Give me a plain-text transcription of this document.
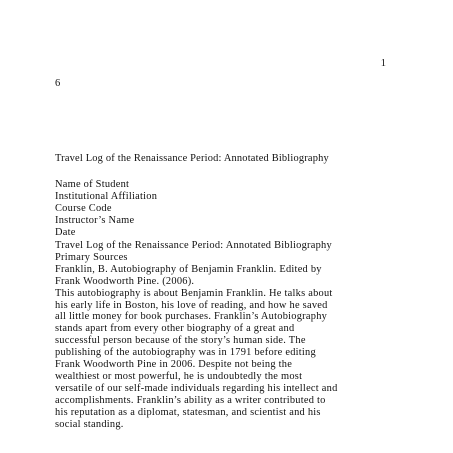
1
6
Travel Log of the Renaissance Period: Annotated Bibliography
Name of Student
Institutional Affiliation
Course Code
Instructor’s Name
Date
Travel Log of the Renaissance Period: Annotated Bibliography
Primary Sources
Franklin, B. Autobiography of Benjamin Franklin. Edited by
Frank Woodworth Pine. (2006).
This autobiography is about Benjamin Franklin. He talks about
his early life in Boston, his love of reading, and how he saved
all little money for book purchases. Franklin’s Autobiography
stands apart from every other biography of a great and
successful person because of the story’s human side. The
publishing of the autobiography was in 1791 before editing
Frank Woodworth Pine in 2006. Despite not being the
wealthiest or most powerful, he is undoubtedly the most
versatile of our self-made individuals regarding his intellect and
accomplishments. Franklin’s ability as a writer contributed to
his reputation as a diplomat, statesman, and scientist and his
social standing.
